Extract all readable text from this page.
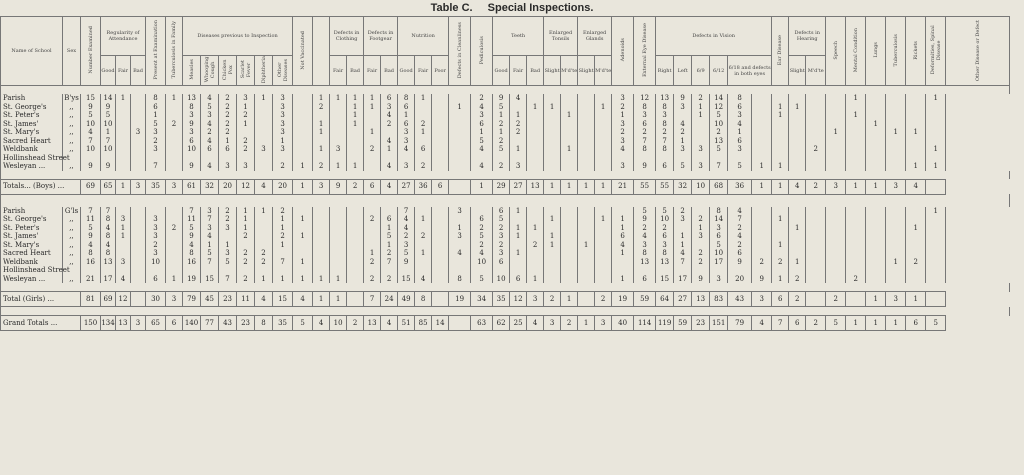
Table C. Special Inspections.
Name of School	Sex	Number Examined	Regularity of Attendance			Present at Examination	Tuberculosis in Family	Diseases previous to Inspection						Not Vaccinated		Defects in Clothing		Defects in Footgear		Nutrition			Defects in Cleanliness	Pediculosis	Teeth			Enlarged Tonsils		Enlarged Glands		Adenoids	External Eye Disease	Defects in Vision						Ear Disease	Defects in Hearing		Speech	Mental Condition	Lungs	Tuberculosis	Rickets	Deformities, Spinal Disease	Other Disease or Defect
								Measles	Whooping Cough	Chicken Pox	Scarlet Fever	Diphtheria	Other Diseases																					Right	Left	6/9	6/12	6/18 and defects in both eyes											
			Good	Fair	Bad											Fair	Bad	Fair	Bad	Good	Fair	Poor			Good	Fair	Bad	Slight	M'd'te	Slight	M'd'te										Slight	M'd'te							

Parish	B'ys	15	14	1		8	1	13	4	2	3	1	3		1	1	1	1	6	8	1			2	9	4						3	12	13	9	2	14	8						1				1	
St. George's	,,	9	9			6		8	5	2	1		3		2		1	1	3	6			1	4	5		1	1			1	2	8	8	3	1	12	6		1	1								
St. Peter's	,,	5	5			1		3	3	2	2		3				1		4	1				3	1	1			1			1	3	3		1	5	3		1				1					
St. James'	,,	10	10			5	2	9	4	2	1		3		1		1		2	6	2			6	2	2						3	6	8	4		10	4							1				
St. Mary's	,,	4	1		3	3		3	2	2			3		1			1		3	1			1	1	2						2	2	2	2		2	1					1			1	1		
Sacred Heart	,,	7	7			2		6	4	1	2		1						4	3				5	2							3	7	7	1		13	6											
Weldbank	,,	10	10			3		10	6	6	2	3	3		1	3		2	1	4	6			4	5	1			1			4	8	8	3	3	5	3				2						1	
Hollinshead Street																																																	
Wesleyan ...	,,	9	9			7		9	4	3	3		2	1	2	1	1		4	3	2			4	2	3						3	9	6	5	3	7	5	1	1							1	1	

Totals... (Boys) ...		69	65	1	3	35	3	61	32	20	12	4	20	1	3	9	2	6	4	27	36	6		1	29	27	13	1	1	1	1	21	55	55	32	10	68	36	1	1	4	2	3	1	1	3	4		

Parish	G'ls	7	7					7	3	2	1	1	2							7			3		6	1							5	5	2		8	4										1	
St. George's	,,	11	8	3		3		11	7	2	1		1	1				2	6	4	1			6	5			1			1	1	9	10	3	2	14	7		1									
St. Peter's	,,	5	4	1		3	2	5	3	3	1		1						1	4			1	2	2	1	1					1	2	2		1	3	2			1						1		
St. James'	,,	9	8	1		3		9	4		2		2	1					5	2	2		3	5	3	1		1				6	4	6	1	3	6	4											
St. Mary's	,,	4	4			2		4	1	1			1						1	3				2	2		2	1		1		4	3	3	1		5	2		1									
Sacred Heart	,,	8	8			3		8	5	3	2	2						1	2	5	1		4	4	3	1						1	8	8	4	2	10	6											
Weldbank	,,	16	13	3		10		16	7	5	2	2	7	1				2	7	9				10	6								13	13	7	2	17	9	2	2	1					1	2		
Hollinshead Street																																																	
Wesleyan ...	,,	21	17	4		6	1	19	15	7	2	1	1	1	1	1		2	2	15	4		8	5	10	6	1					1	6	15	17	9	3	20	9	1	2			2					

Total (Girls) ...		81	69	12		30	3	79	45	23	11	4	15	4	1	1		7	24	49	8		19	34	35	12	3	2	1		2	19	59	64	27	13	83	43	3	6	2		2		1	3	1		

Grand Totals ...		150	134	13	3	65	6	140	77	43	23	8	35	5	4	10	2	13	4	51	85	14		63	62	25	4	3	2	1	3	40	114	119	59	23	151	79	4	7	6	2	5	1	1	1	6	5	
